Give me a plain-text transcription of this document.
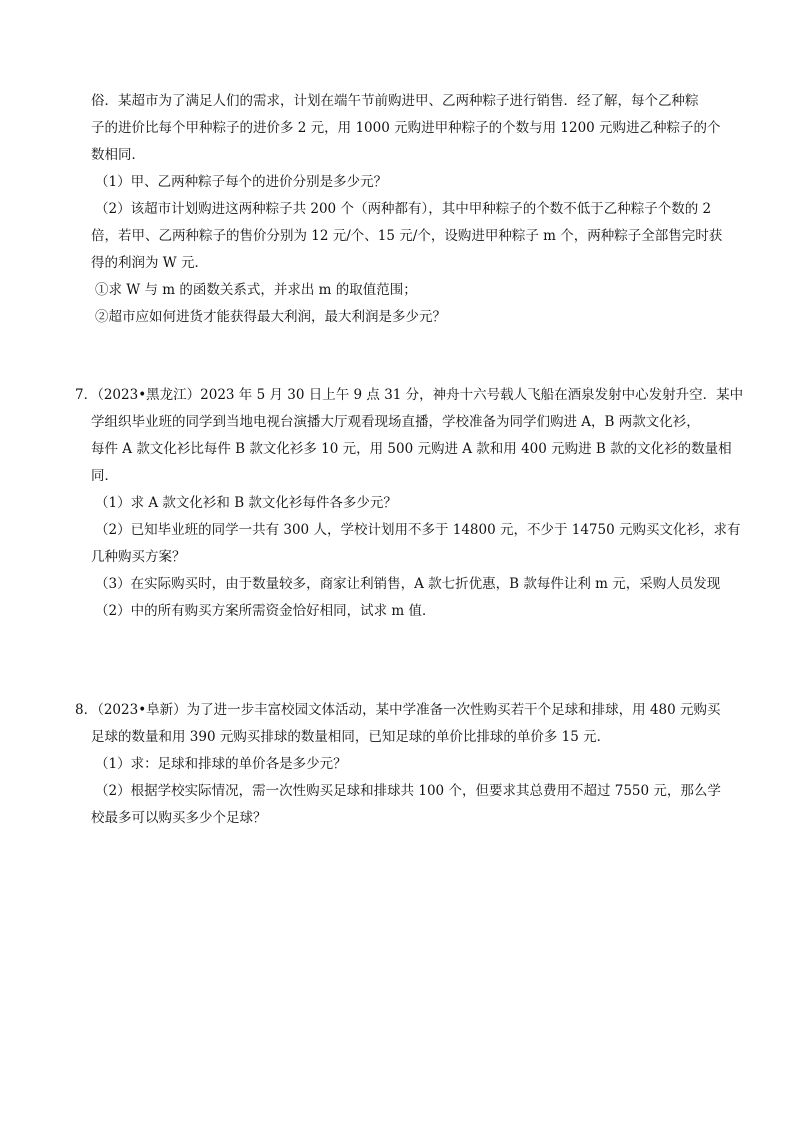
俗．某超市为了满足人们的需求，计划在端午节前购进甲、乙两种粽子进行销售．经了解，每个乙种粽
子的进价比每个甲种粽子的进价多 2 元，用 1000 元购进甲种粽子的个数与用 1200 元购进乙种粽子的个
数相同．
（1）甲、乙两种粽子每个的进价分别是多少元？
（2）该超市计划购进这两种粽子共 200 个（两种都有），其中甲种粽子的个数不低于乙种粽子个数的 2
倍，若甲、乙两种粽子的售价分别为 12 元/个、15 元/个，设购进甲种粽子 m 个，两种粽子全部售完时获
得的利润为 W 元．
①求 W 与 m 的函数关系式，并求出 m 的取值范围；
②超市应如何进货才能获得最大利润，最大利润是多少元？
7．（2023•黑龙江）2023 年 5 月 30 日上午 9 点 31 分，神舟十六号载人飞船在酒泉发射中心发射升空．某中
学组织毕业班的同学到当地电视台演播大厅观看现场直播，学校准备为同学们购进 A，B 两款文化衫，
每件 A 款文化衫比每件 B 款文化衫多 10 元，用 500 元购进 A 款和用 400 元购进 B 款的文化衫的数量相
同．
（1）求 A 款文化衫和 B 款文化衫每件各多少元？
（2）已知毕业班的同学一共有 300 人，学校计划用不多于 14800 元，不少于 14750 元购买文化衫，求有
几种购买方案？
（3）在实际购买时，由于数量较多，商家让利销售，A 款七折优惠，B 款每件让利 m 元，采购人员发现
（2）中的所有购买方案所需资金恰好相同，试求 m 值．
8．（2023•阜新）为了进一步丰富校园文体活动，某中学准备一次性购买若干个足球和排球，用 480 元购买
足球的数量和用 390 元购买排球的数量相同，已知足球的单价比排球的单价多 15 元．
（1）求：足球和排球的单价各是多少元？
（2）根据学校实际情况，需一次性购买足球和排球共 100 个，但要求其总费用不超过 7550 元，那么学
校最多可以购买多少个足球？
